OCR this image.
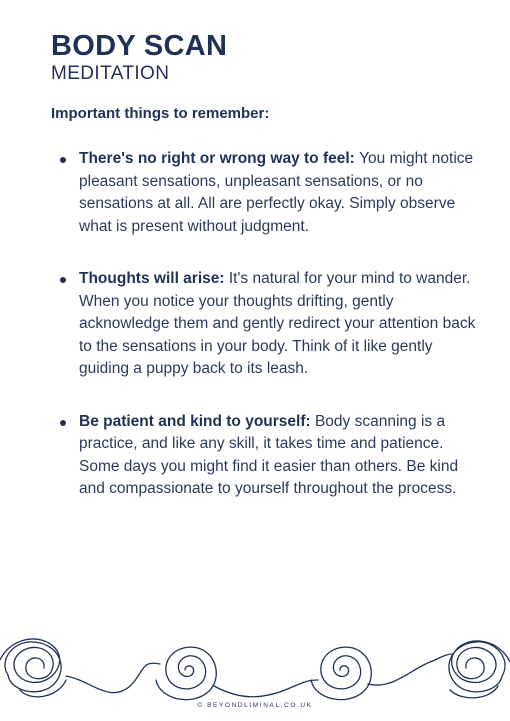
BODY SCAN
MEDITATION
Important things to remember:
There's no right or wrong way to feel: You might notice pleasant sensations, unpleasant sensations, or no sensations at all. All are perfectly okay. Simply observe what is present without judgment.
Thoughts will arise: It's natural for your mind to wander. When you notice your thoughts drifting, gently acknowledge them and gently redirect your attention back to the sensations in your body. Think of it like gently guiding a puppy back to its leash.
Be patient and kind to yourself: Body scanning is a practice, and like any skill, it takes time and patience. Some days you might find it easier than others. Be kind and compassionate to yourself throughout the process.
© BEYONDLIMINAL.CO.UK
